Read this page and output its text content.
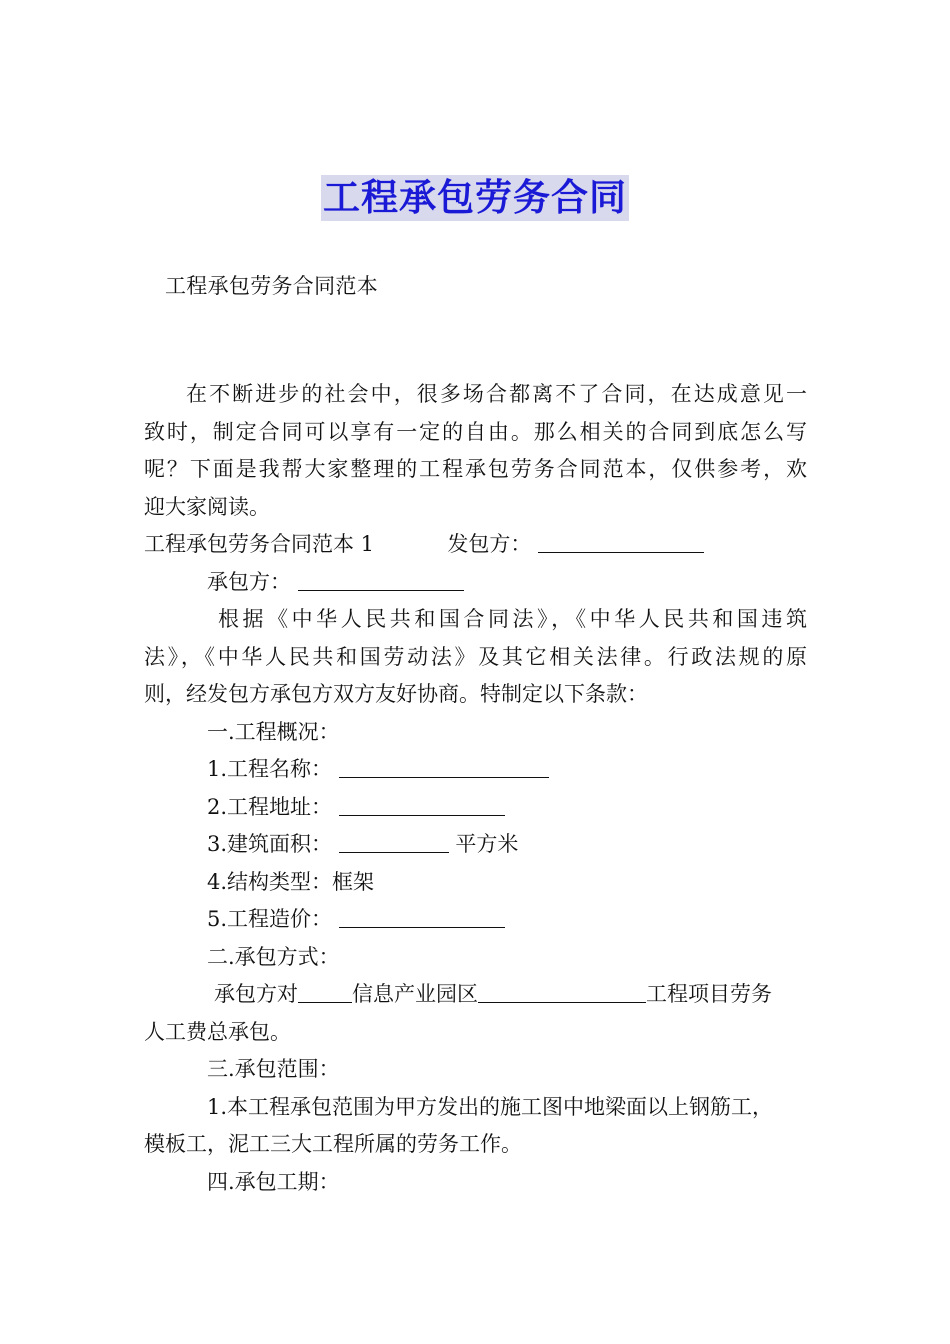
工程承包劳务合同
工程承包劳务合同范本
在不断进步的社会中，很多场合都离不了合同，在达成意见一
致时，制定合同可以享有一定的自由。那么相关的合同到底怎么写
呢？下面是我帮大家整理的工程承包劳务合同范本，仅供参考，欢
迎大家阅读。
工程承包劳务合同范本 1	发包方：
承包方：
根据《中华人民共和国合同法》，《中华人民共和国违筑
法》，《中华人民共和国劳动法》及其它相关法律。行政法规的原
则，经发包方承包方双方友好协商。特制定以下条款：
一.工程概况：
1.工程名称：
2.工程地址：
3.建筑面积：	平方米
4.结构类型：框架
5.工程造价：
二.承包方式：
承包方对	信息产业园区	工程项目劳务
人工费总承包。
三.承包范围：
1.本工程承包范围为甲方发出的施工图中地梁面以上钢筋工，
模板工，泥工三大工程所属的劳务工作。
四.承包工期：
